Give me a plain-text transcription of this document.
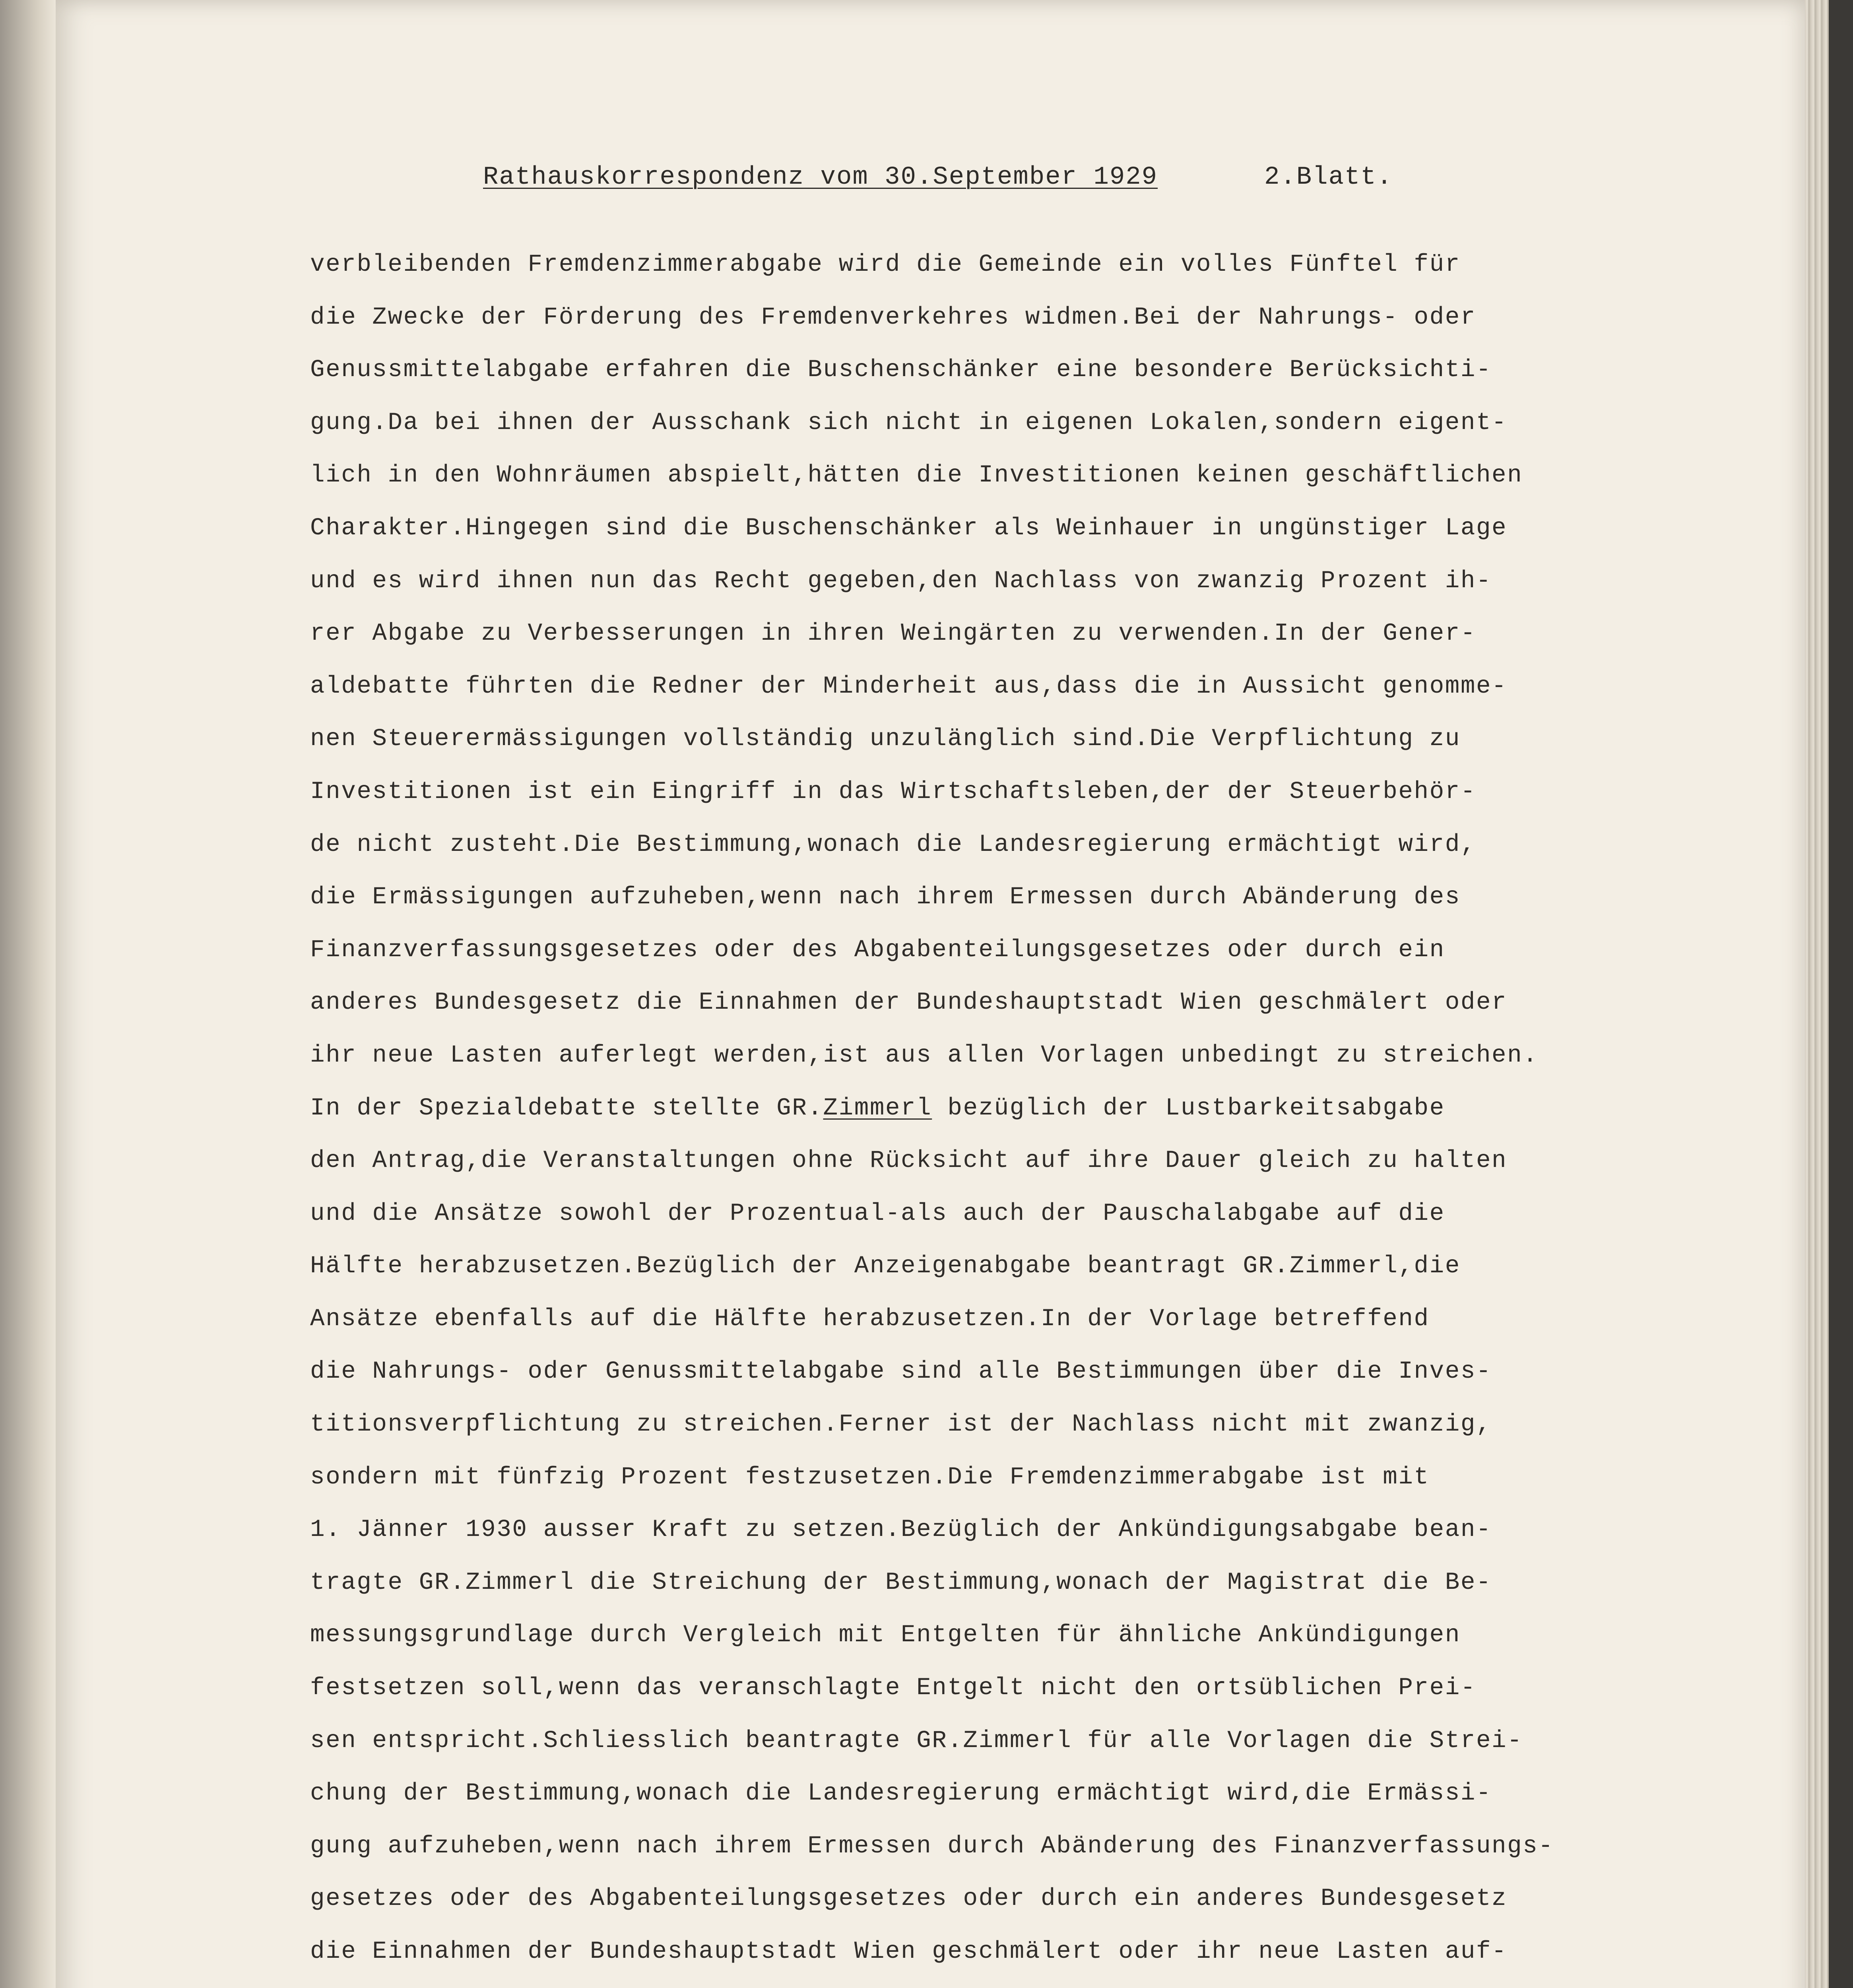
Rathauskorrespondenz vom 30.September 1929	2.Blatt.
verbleibenden Fremdenzimmerabgabe wird die Gemeinde ein volles Fünftel für
die Zwecke der Förderung des Fremdenverkehres widmen.Bei der Nahrungs- oder
Genussmittelabgabe erfahren die Buschenschänker eine besondere Berücksichti-
gung.Da bei ihnen der Ausschank sich nicht in eigenen Lokalen,sondern eigent-
lich in den Wohnräumen abspielt,hätten die Investitionen keinen geschäftlichen
Charakter.Hingegen sind die Buschenschänker als Weinhauer in ungünstiger Lage
und es wird ihnen nun das Recht gegeben,den Nachlass von zwanzig Prozent ih-
rer Abgabe zu Verbesserungen in ihren Weingärten zu verwenden.In der Gener-
aldebatte führten die Redner der Minderheit aus,dass die in Aussicht genommе-
nen Steuerermässigungen vollständig unzulänglich sind.Die Verpflichtung zu
Investitionen ist ein Eingriff in das Wirtschaftsleben,der der Steuerbehör-
de nicht zusteht.Die Bestimmung,wonach die Landesregierung ermächtigt wird,
die Ermässigungen aufzuheben,wenn nach ihrem Ermessen durch Abänderung des
Finanzverfassungsgesetzes oder des Abgabenteilungsgesetzes oder durch ein
anderes Bundesgesetz die Einnahmen der Bundeshauptstadt Wien geschmälert oder
ihr neue Lasten auferlegt werden,ist aus allen Vorlagen unbedingt zu streichen.
In der Spezialdebatte stellte GR.Zimmerl bezüglich der Lustbarkeitsabgabe
den Antrag,die Veranstaltungen ohne Rücksicht auf ihre Dauer gleich zu halten
und die Ansätze sowohl der Prozentual-als auch der Pauschalabgabe auf die
Hälfte herabzusetzen.Bezüglich der Anzeigenabgabe beantragt GR.Zimmerl,die
Ansätze ebenfalls auf die Hälfte herabzusetzen.In der Vorlage betreffend
die Nahrungs- oder Genussmittelabgabe sind alle Bestimmungen über die Inves-
titionsverpflichtung zu streichen.Ferner ist der Nachlass nicht mit zwanzig,
sondern mit fünfzig Prozent festzusetzen.Die Fremdenzimmerabgabe ist mit
1. Jänner 1930 ausser Kraft zu setzen.Bezüglich der Ankündigungsabgabe bean-
tragte GR.Zimmerl die Streichung der Bestimmung,wonach der Magistrat die Be-
messungsgrundlage durch Vergleich mit Entgelten für ähnliche Ankündigungen
festsetzen soll,wenn das veranschlagte Entgelt nicht den ortsüblichen Prei-
sen entspricht.Schliesslich beantragte GR.Zimmerl für alle Vorlagen die Strei-
chung der Bestimmung,wonach die Landesregierung ermächtigt wird,die Ermässi-
gung aufzuheben,wenn nach ihrem Ermessen durch Abänderung des Finanzverfassungs-
gesetzes oder des Abgabenteilungsgesetzes oder durch ein anderes Bundesgesetz
die Einnahmen der Bundeshauptstadt Wien geschmälert oder ihr neue Lasten auf-
